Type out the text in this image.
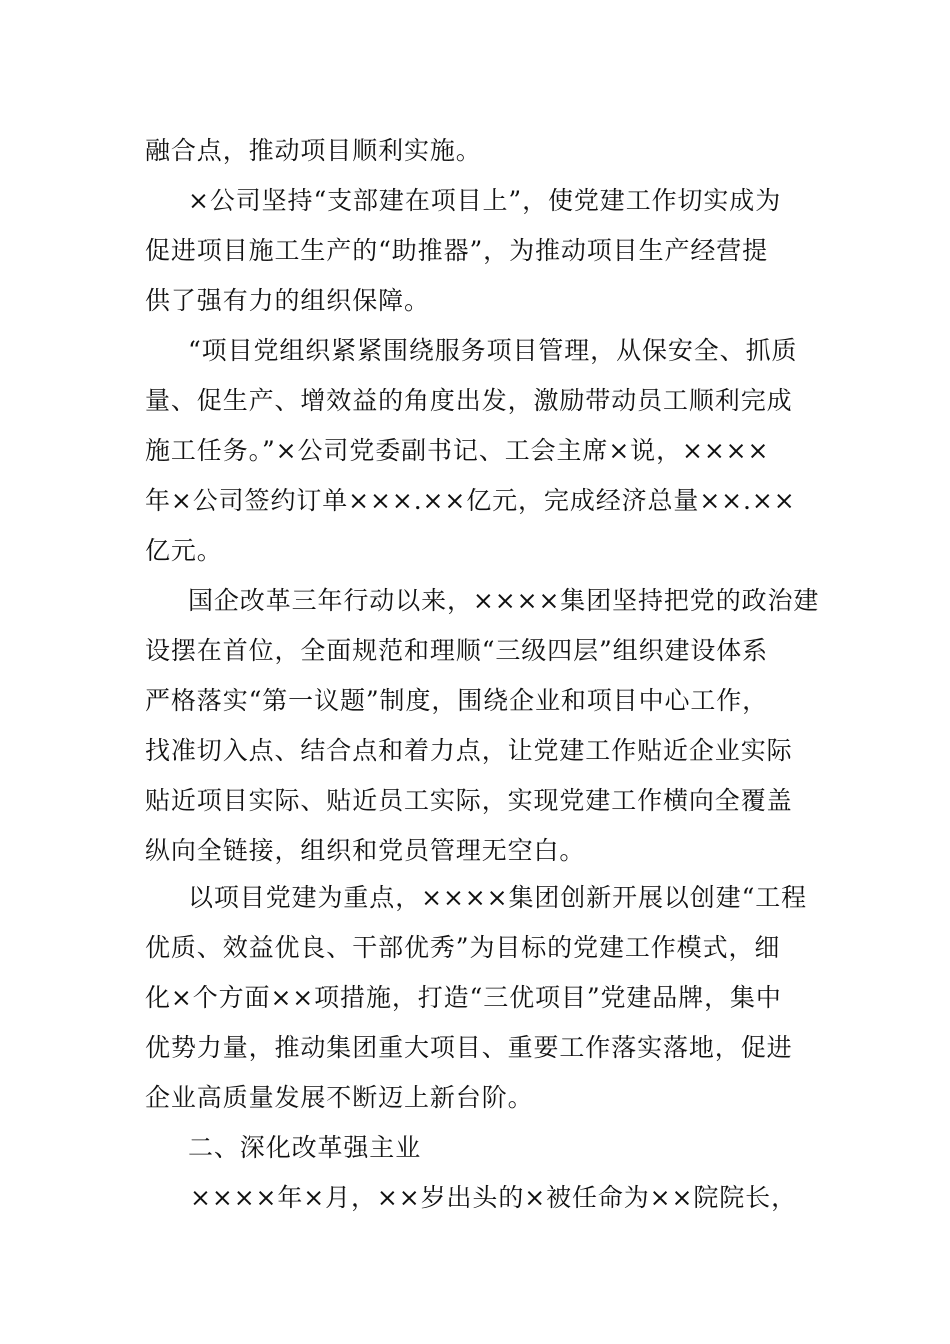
融合点，推动项目顺利实施。
×公司坚持“支部建在项目上”，使党建工作切实成为
促进项目施工生产的“助推器”，为推动项目生产经营提
供了强有力的组织保障。
“项目党组织紧紧围绕服务项目管理，从保安全、抓质
量、促生产、增效益的角度出发，激励带动员工顺利完成
施工任务。”×公司党委副书记、工会主席×说，××××
年×公司签约订单×××.××亿元，完成经济总量××.××
亿元。
国企改革三年行动以来，××××集团坚持把党的政治建
设摆在首位，全面规范和理顺“三级四层”组织建设体系
严格落实“第一议题”制度，围绕企业和项目中心工作，
找准切入点、结合点和着力点，让党建工作贴近企业实际
贴近项目实际、贴近员工实际，实现党建工作横向全覆盖
纵向全链接，组织和党员管理无空白。
以项目党建为重点，××××集团创新开展以创建“工程
优质、效益优良、干部优秀”为目标的党建工作模式，细
化×个方面××项措施，打造“三优项目”党建品牌，集中
优势力量，推动集团重大项目、重要工作落实落地，促进
企业高质量发展不断迈上新台阶。
二、深化改革强主业
××××年×月，××岁出头的×被任命为××院院长，
